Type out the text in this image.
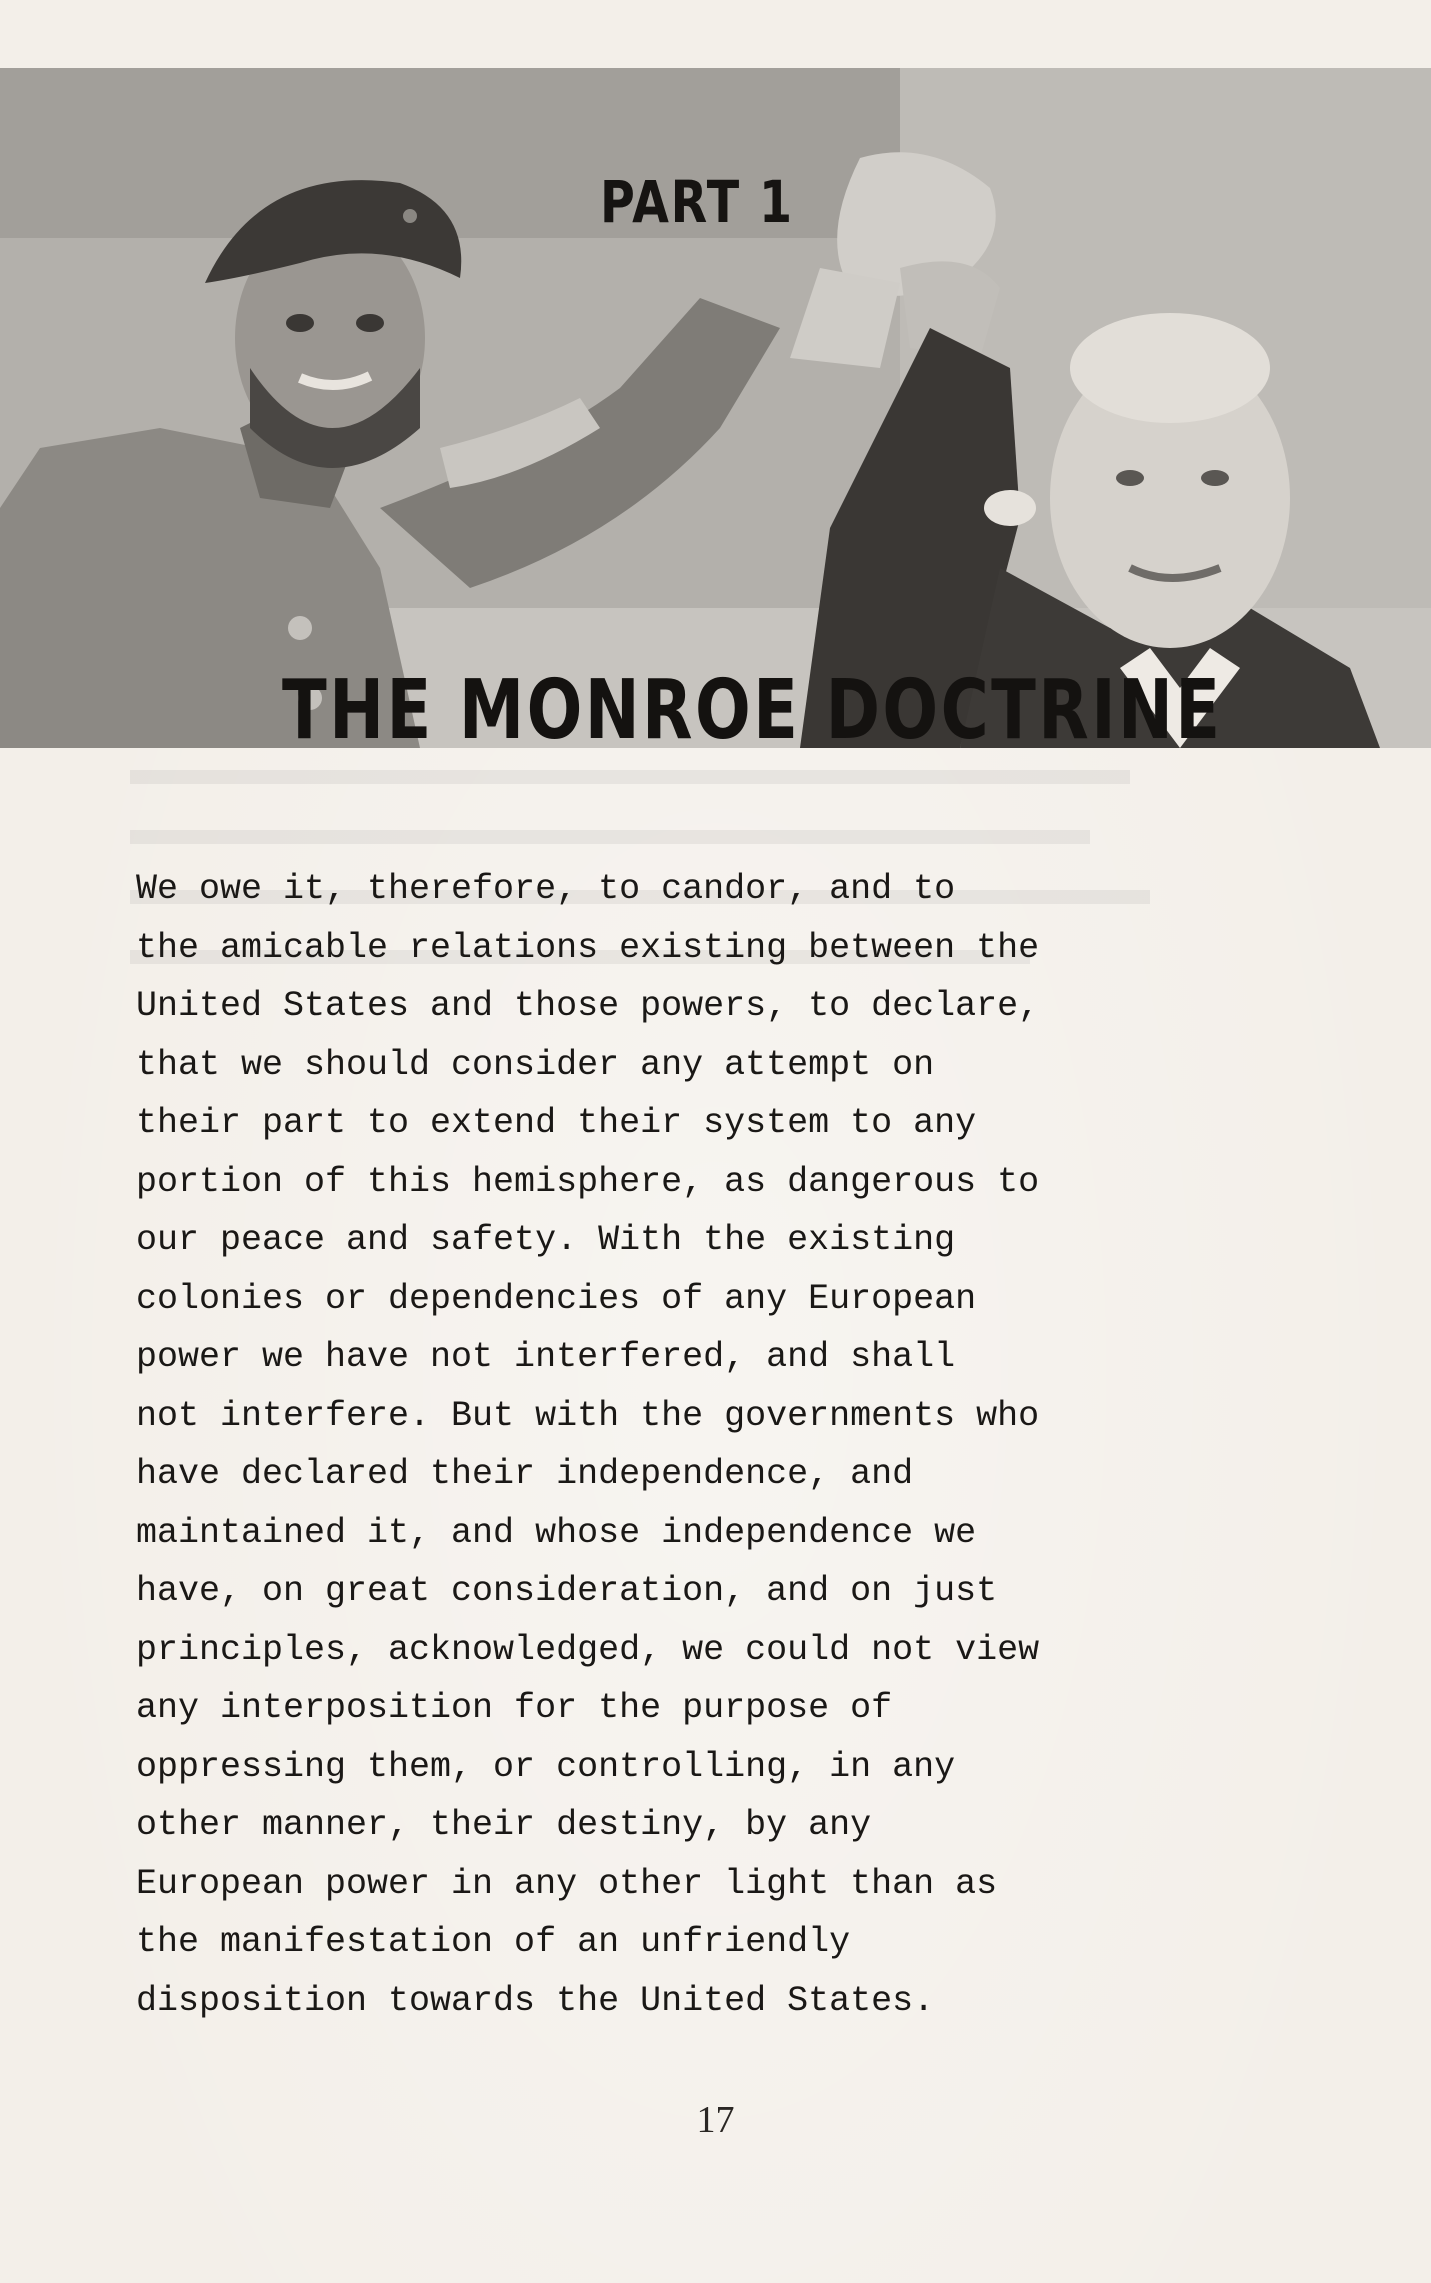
PART 1
THE MONROE DOCTRINE
We owe it, therefore, to candor, and to
the amicable relations existing between the
United States and those powers, to declare,
that we should consider any attempt on
their part to extend their system to any
portion of this hemisphere, as dangerous to
our peace and safety. With the existing
colonies or dependencies of any European
power we have not interfered, and shall
not interfere. But with the governments who
have declared their independence, and
maintained it, and whose independence we
have, on great consideration, and on just
principles, acknowledged, we could not view
any interposition for the purpose of
oppressing them, or controlling, in any
other manner, their destiny, by any
European power in any other light than as
the manifestation of an unfriendly
disposition towards the United States.
17
